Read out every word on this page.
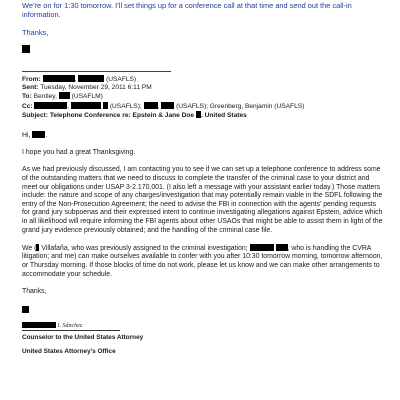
We’re on for 1:30 tomorrow. I’ll set things up for a conference call at that time and send out the call-in information.

Thanks,

From:	,	(USAFLS)
Sent: Tuesday, November 29, 2011 6:11 PM
To: Bentley, (USAFLM)
Cc:	,	(USAFLS); ,	(USAFLS); Greenberg, Benjamin (USAFLS)
Subject: Telephone Conference re: Epstein & Jane Doe . United States

Hi, .

I hope you had a great Thanksgiving.

As we had previously discussed, I am contacting you to see if we can set up a telephone conference to address some of the outstanding matters that we need to discuss to complete the transfer of the criminal case to your district and meet our obligations under USAP 3-2.170.001. (I also left a message with your assistant earlier today.) Those matters include: the nature and scope of any charges/investigation that may potentially remain viable in the SDFL following the entry of the Non-Prosecution Agreement; the need to advise the FBI in connection with the agents’ pending requests for grand jury subpoenas and their expressed intent to continue investigating allegations against Epstein, advice which in all likelihood will require informing the FBI agents about other USAOs that might be able to assist them in light of the grand jury evidence previously obtained; and the handling of the criminal case file.

We ( Villafaña, who was previously assigned to the criminal investigation;	, who is handling the CVRA litigation; and me) can make ourselves available to confer with you after 10:30 tomorrow morning, tomorrow afternoon, or Thursday morning. If those blocks of time do not work, please let us know and we can make other arrangements to accommodate your schedule.

Thanks,

I. Sánchez
Counselor to the United States Attorney
United States Attorney’s Office
